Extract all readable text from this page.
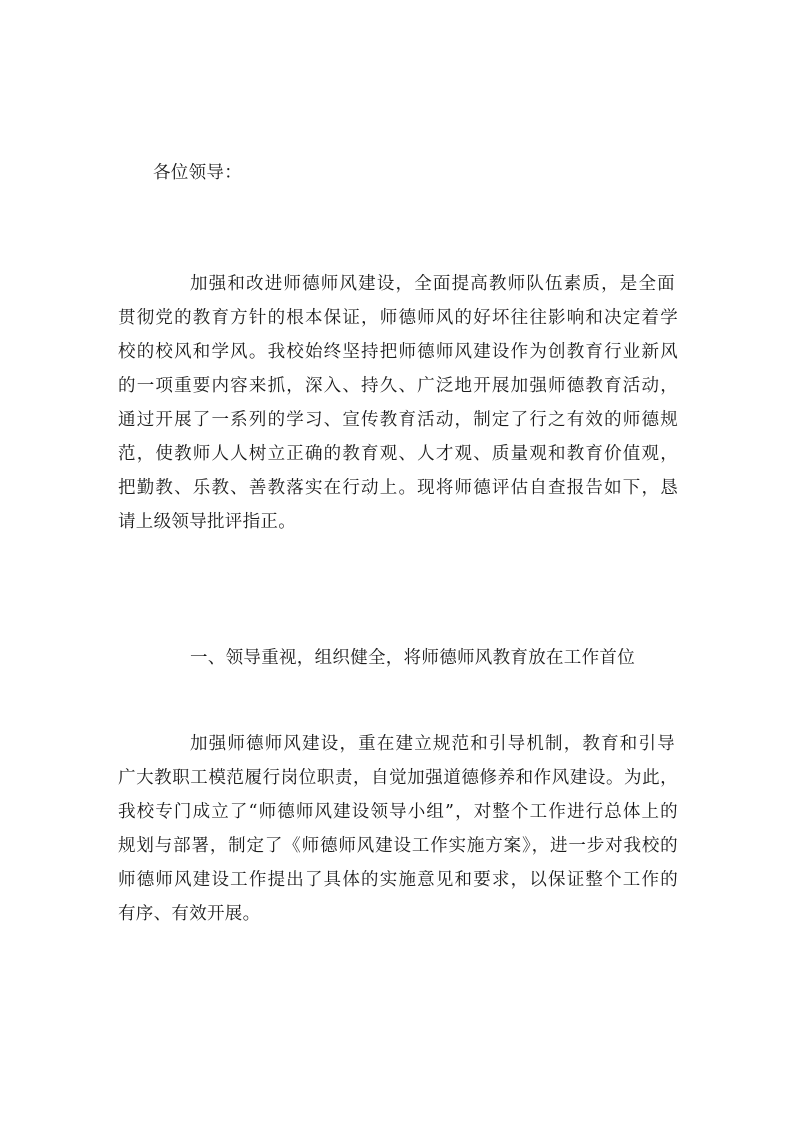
各位领导：
加强和改进师德师风建设，全面提高教师队伍素质，是全面
贯彻党的教育方针的根本保证，师德师风的好坏往往影响和决定着学
校的校风和学风。我校始终坚持把师德师风建设作为创教育行业新风
的一项重要内容来抓，深入、持久、广泛地开展加强师德教育活动，
通过开展了一系列的学习、宣传教育活动，制定了行之有效的师德规
范，使教师人人树立正确的教育观、人才观、质量观和教育价值观，
把勤教、乐教、善教落实在行动上。现将师德评估自查报告如下，恳
请上级领导批评指正。
一、领导重视，组织健全，将师德师风教育放在工作首位
加强师德师风建设，重在建立规范和引导机制，教育和引导
广大教职工模范履行岗位职责，自觉加强道德修养和作风建设。为此，
我校专门成立了“师德师风建设领导小组”，对整个工作进行总体上的
规划与部署，制定了《师德师风建设工作实施方案》，进一步对我校的
师德师风建设工作提出了具体的实施意见和要求，以保证整个工作的
有序、有效开展。
